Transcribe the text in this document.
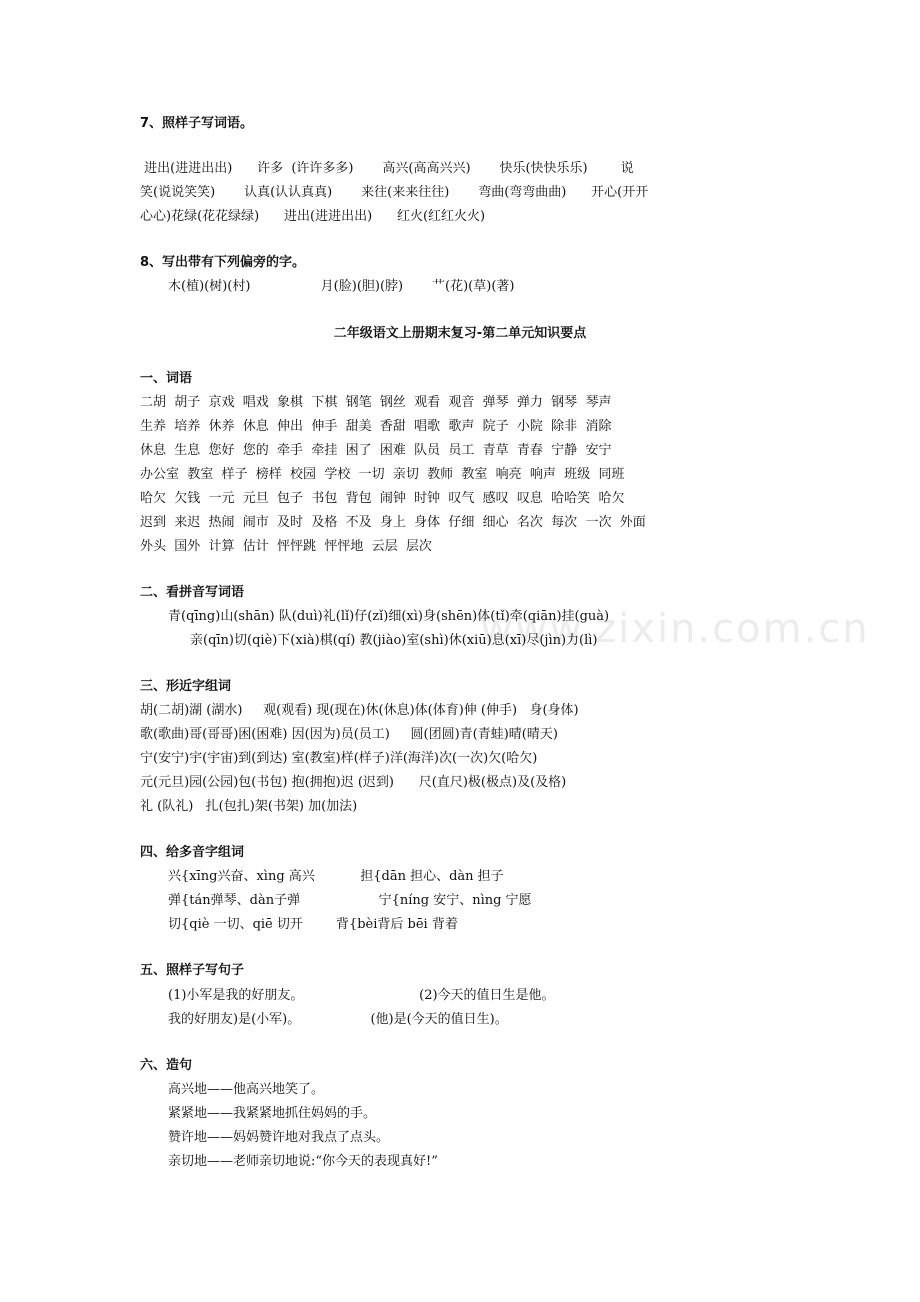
www.zixin.com.cn
7、照样子写词语。
进出(进进出出)      许多  (许许多多)       高兴(高高兴兴)       快乐(快快乐乐)        说
笑(说说笑笑)       认真(认认真真)       来往(来来往往)       弯曲(弯弯曲曲)      开心(开开
心心)花绿(花花绿绿)      进出(进进出出)      红火(红红火火)
8、写出带有下列偏旁的字。
木(植)(树)(村)                 月(脸)(胆)(脖)       艹(花)(草)(著)
二年级语文上册期末复习-第二单元知识要点
一、词语
二胡  胡子  京戏  唱戏  象棋  下棋  钢笔  钢丝  观看  观音  弹琴  弹力  钢琴  琴声
生养  培养  休养  休息  伸出  伸手  甜美  香甜  唱歌  歌声  院子  小院  除非  消除
休息  生息  您好  您的  牵手  牵挂  困了  困难  队员  员工  青草  青春  宁静  安宁
办公室  教室  样子  榜样  校园  学校  一切  亲切  教师  教室  响亮  响声  班级  同班
哈欠  欠钱  一元  元旦  包子  书包  背包  闹钟  时钟  叹气  感叹  叹息  哈哈笑  哈欠
迟到  来迟  热闹  闹市  及时  及格  不及  身上  身体  仔细  细心  名次  每次  一次  外面
外头  国外  计算  估计  怦怦跳  怦怦地  云层  层次
二、看拼音写词语
青(qīng)山(shān) 队(duì)礼(lǐ)仔(zǐ)细(xì)身(shēn)体(tǐ)牵(qiān)挂(guà)
亲(qīn)切(qiè)下(xià)棋(qí) 教(jiào)室(shì)休(xiū)息(xī)尽(jìn)力(lì)
三、形近字组词
胡(二胡)湖 (湖水)     观(观看) 现(现在)休(休息)体(体育)伸 (伸手)   身(身体)
歌(歌曲)哥(哥哥)困(困难) 因(因为)员(员工)     圆(团圆)青(青蛙)晴(晴天)
宁(安宁)宇(宇宙)到(到达) 室(教室)样(样子)洋(海洋)次(一次)欠(哈欠)
元(元旦)园(公园)包(书包) 抱(拥抱)迟 (迟到)      尺(直尺)极(极点)及(及格)
礼 (队礼)   扎(包扎)架(书架) 加(加法)
四、给多音字组词
兴{xīng兴奋、xìng 高兴           担{dān 担心、dàn 担子
弹{tán弹琴、dàn子弹                   宁{níng 安宁、nìng 宁愿
切{qiè 一切、qiē 切开        背{bèi背后 bēi 背着
五、照样子写句子
(1)小军是我的好朋友。                            (2)今天的值日生是他。
我的好朋友)是(小军)。                 (他)是(今天的值日生)。
六、造句
高兴地——他高兴地笑了。
紧紧地——我紧紧地抓住妈妈的手。
赞许地——妈妈赞许地对我点了点头。
亲切地——老师亲切地说:“你今天的表现真好!”
